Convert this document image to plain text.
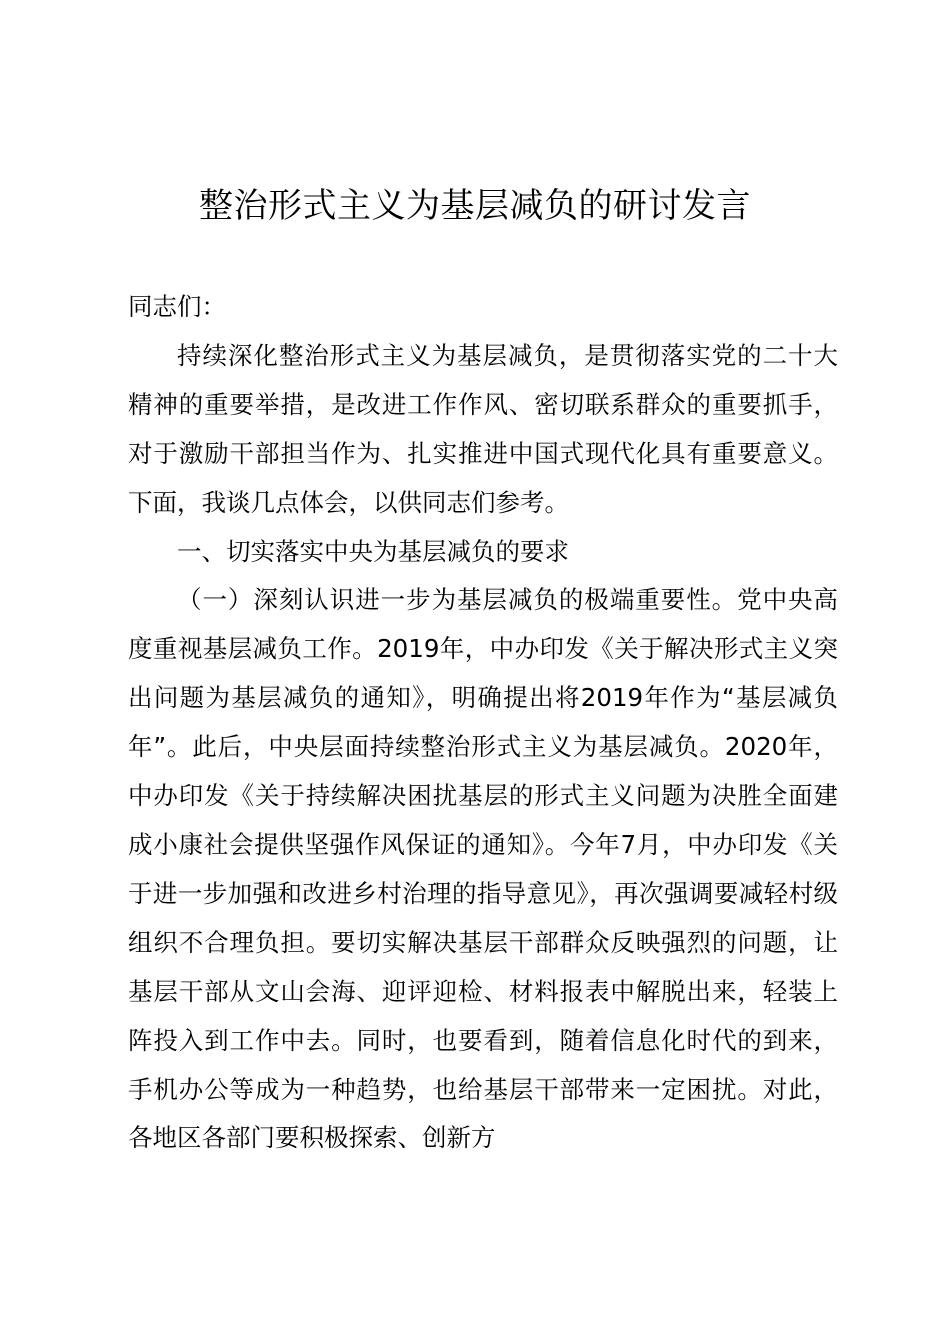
整治形式主义为基层减负的研讨发言

同志们：

持续深化整治形式主义为基层减负，是贯彻落实党的二十大精神的重要举措，是改进工作作风、密切联系群众的重要抓手，对于激励干部担当作为、扎实推进中国式现代化具有重要意义。下面，我谈几点体会，以供同志们参考。

一、切实落实中央为基层减负的要求

（一）深刻认识进一步为基层减负的极端重要性。党中央高度重视基层减负工作。2019年，中办印发《关于解决形式主义突出问题为基层减负的通知》，明确提出将2019年作为“基层减负年”。此后，中央层面持续整治形式主义为基层减负。2020年，中办印发《关于持续解决困扰基层的形式主义问题为决胜全面建成小康社会提供坚强作风保证的通知》。今年7月，中办印发《关于进一步加强和改进乡村治理的指导意见》，再次强调要减轻村级组织不合理负担。要切实解决基层干部群众反映强烈的问题，让基层干部从文山会海、迎评迎检、材料报表中解脱出来，轻装上阵投入到工作中去。同时，也要看到，随着信息化时代的到来，手机办公等成为一种趋势，也给基层干部带来一定困扰。对此，各地区各部门要积极探索、创新方
